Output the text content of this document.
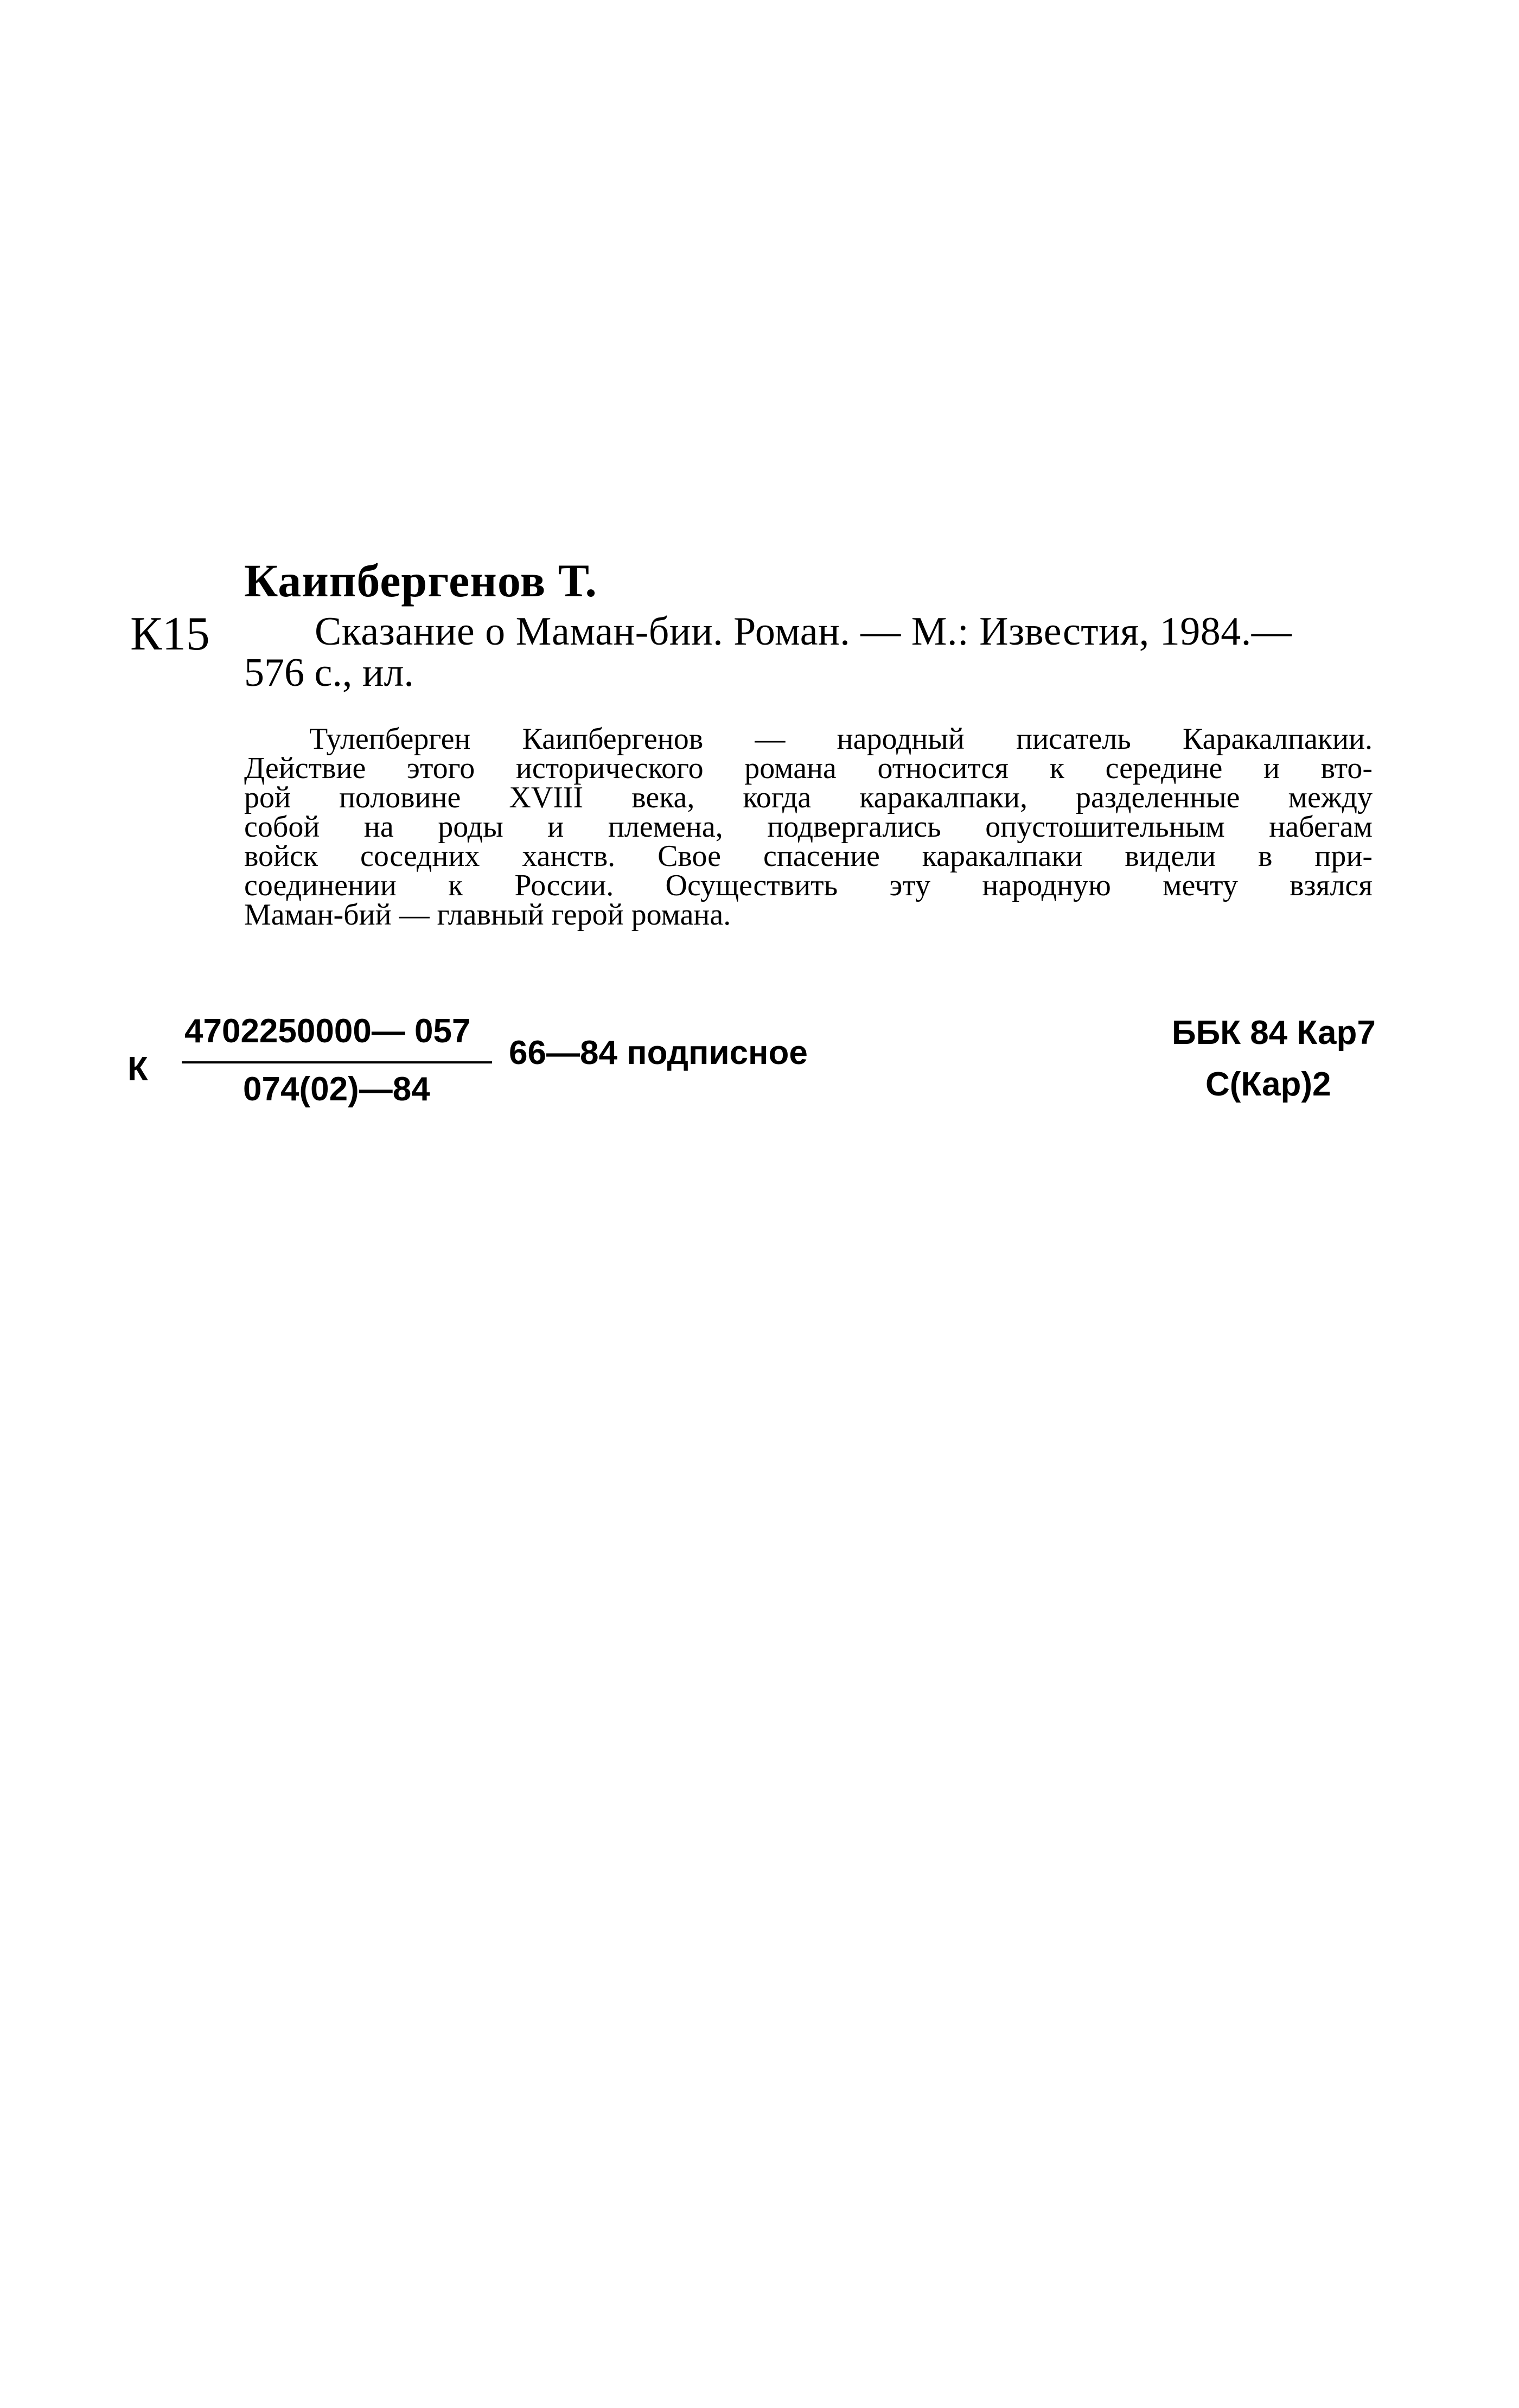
Каипбергенов Т.
К15	Сказание о Маман-бии. Роман. — М.: Известия, 1984.—
576 с., ил.
Тулепберген Каипбергенов — народный писатель Каракалпакии.
Действие этого исторического романа относится к середине и вто-
рой половине XVIII века, когда каракалпаки, разделенные между
собой на роды и племена, подвергались опустошительным набегам
войск соседних ханств. Свое спасение каракалпаки видели в при-
соединении к России. Осуществить эту народную мечту взялся
Маман-бий — главный герой романа.
К
4702250000— 057
074(02)—84
66—84 подписное
ББК 84 Кар7
С(Кар)2
